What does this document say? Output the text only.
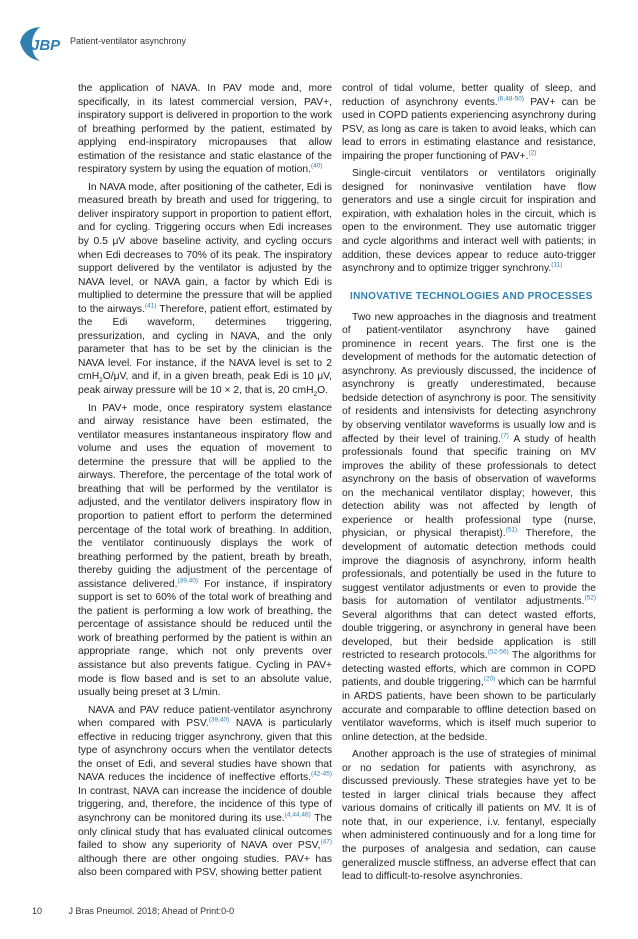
JBP Patient-ventilator asynchrony

the application of NAVA. In PAV mode and, more specifically, in its latest commercial version, PAV+, inspiratory support is delivered in proportion to the work of breathing performed by the patient, estimated by applying end-inspiratory micropauses that allow estimation of the resistance and static elastance of the respiratory system by using the equation of motion.$^{(40)}$

In NAVA mode, after positioning of the catheter, Edi is measured breath by breath and used for triggering, to deliver inspiratory support in proportion to patient effort, and for cycling. Triggering occurs when Edi increases by 0.5 μV above baseline activity, and cycling occurs when Edi decreases to 70% of its peak. The inspiratory support delivered by the ventilator is adjusted by the NAVA level, or NAVA gain, a factor by which Edi is multiplied to determine the pressure that will be applied to the airways.$^{(41)}$ Therefore, patient effort, estimated by the Edi waveform, determines triggering, pressurization, and cycling in NAVA, and the only parameter that has to be set by the clinician is the NAVA level. For instance, if the NAVA level is set to 2 cmH$_2$O/μV, and if, in a given breath, peak Edi is 10 μV, peak airway pressure will be 10 × 2, that is, 20 cmH$_2$O.

In PAV+ mode, once respiratory system elastance and airway resistance have been estimated, the ventilator measures instantaneous inspiratory flow and volume and uses the equation of movement to determine the pressure that will be applied to the airways. Therefore, the percentage of the total work of breathing that will be performed by the ventilator is adjusted, and the ventilator delivers inspiratory flow in proportion to patient effort to perform the determined percentage of the total work of breathing. In addition, the ventilator continuously displays the work of breathing performed by the patient, breath by breath, thereby guiding the adjustment of the percentage of assistance delivered.$^{(39,40)}$ For instance, if inspiratory support is set to 60% of the total work of breathing and the patient is performing a low work of breathing, the percentage of assistance should be reduced until the work of breathing performed by the patient is within an appropriate range, which not only prevents over assistance but also prevents fatigue. Cycling in PAV+ mode is flow based and is set to an absolute value, usually being preset at 3 L/min.

NAVA and PAV reduce patient-ventilator asynchrony when compared with PSV.$^{(39,40)}$ NAVA is particularly effective in reducing trigger asynchrony, given that this type of asynchrony occurs when the ventilator detects the onset of Edi, and several studies have shown that NAVA reduces the incidence of ineffective efforts.$^{(42-45)}$ In contrast, NAVA can increase the incidence of double triggering, and, therefore, the incidence of this type of asynchrony can be monitored during its use.$^{(4,44,46)}$ The only clinical study that has evaluated clinical outcomes failed to show any superiority of NAVA over PSV,$^{(47)}$ although there are other ongoing studies. PAV+ has also been compared with PSV, showing better patient

control of tidal volume, better quality of sleep, and reduction of asynchrony events.$^{(6,48-50)}$ PAV+ can be used in COPD patients experiencing asynchrony during PSV, as long as care is taken to avoid leaks, which can lead to errors in estimating elastance and resistance, impairing the proper functioning of PAV+.$^{(2)}$

Single-circuit ventilators or ventilators originally designed for noninvasive ventilation have flow generators and use a single circuit for inspiration and expiration, with exhalation holes in the circuit, which is open to the environment. They use automatic trigger and cycle algorithms and interact well with patients; in addition, these devices appear to reduce auto-trigger asynchrony and to optimize trigger synchrony.$^{(11)}$

INNOVATIVE TECHNOLOGIES AND PROCESSES

Two new approaches in the diagnosis and treatment of patient-ventilator asynchrony have gained prominence in recent years. The first one is the development of methods for the automatic detection of asynchrony. As previously discussed, the incidence of asynchrony is greatly underestimated, because bedside detection of asynchrony is poor. The sensitivity of residents and intensivists for detecting asynchrony by observing ventilator waveforms is usually low and is affected by their level of training.$^{(7)}$ A study of health professionals found that specific training on MV improves the ability of these professionals to detect asynchrony on the basis of observation of waveforms on the mechanical ventilator display; however, this detection ability was not affected by length of experience or health professional type (nurse, physician, or physical therapist).$^{(51)}$ Therefore, the development of automatic detection methods could improve the diagnosis of asynchrony, inform health professionals, and potentially be used in the future to suggest ventilator adjustments or even to provide the basis for automation of ventilator adjustments.$^{(52)}$ Several algorithms that can detect wasted efforts, double triggering, or asynchrony in general have been developed, but their bedside application is still restricted to research protocols.$^{(52-56)}$ The algorithms for detecting wasted efforts, which are common in COPD patients, and double triggering,$^{(20)}$ which can be harmful in ARDS patients, have been shown to be particularly accurate and comparable to offline detection based on ventilator waveforms, which is itself much superior to online detection, at the bedside.

Another approach is the use of strategies of minimal or no sedation for patients with asynchrony, as discussed previously. These strategies have yet to be tested in larger clinical trials because they affect various domains of critically ill patients on MV. It is of note that, in our experience, i.v. fentanyl, especially when administered continuously and for a long time for the purposes of analgesia and sedation, can cause generalized muscle stiffness, an adverse effect that can lead to difficult-to-resolve asynchronies.

10	J Bras Pneumol. 2018; Ahead of Print:0-0
